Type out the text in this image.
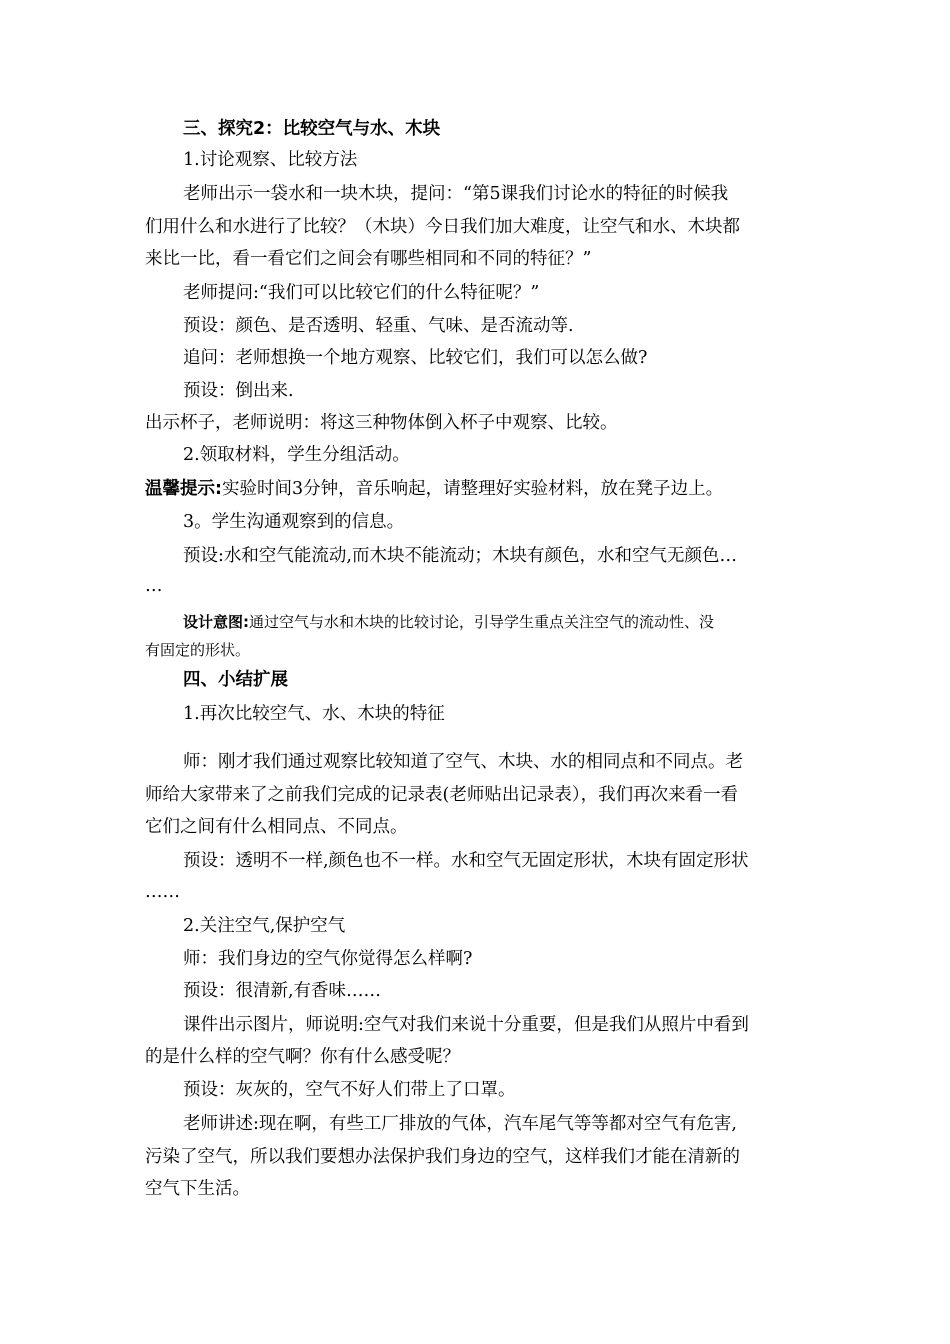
三、探究2：比较空气与水、木块
1.讨论观察、比较方法
老师出示一袋水和一块木块，提问：“第5课我们讨论水的特征的时候我
们用什么和水进行了比较？（木块）今日我们加大难度，让空气和水、木块都
来比一比，看一看它们之间会有哪些相同和不同的特征？”
老师提问:“我们可以比较它们的什么特征呢？”
预设：颜色、是否透明、轻重、气味、是否流动等.
追问：老师想换一个地方观察、比较它们，我们可以怎么做?
预设：倒出来.
出示杯子，老师说明：将这三种物体倒入杯子中观察、比较。
2.领取材料，学生分组活动。
温馨提示:实验时间3分钟，音乐响起，请整理好实验材料，放在凳子边上。
3。学生沟通观察到的信息。
预设:水和空气能流动,而木块不能流动；木块有颜色，水和空气无颜色…
…
设计意图:通过空气与水和木块的比较讨论，引导学生重点关注空气的流动性、没
有固定的形状。
四、小结扩展
1.再次比较空气、水、木块的特征
师：刚才我们通过观察比较知道了空气、木块、水的相同点和不同点。老
师给大家带来了之前我们完成的记录表(老师贴出记录表），我们再次来看一看
它们之间有什么相同点、不同点。
预设：透明不一样,颜色也不一样。水和空气无固定形状，木块有固定形状
……
2.关注空气,保护空气
师：我们身边的空气你觉得怎么样啊?
预设：很清新,有香味……
课件出示图片，师说明:空气对我们来说十分重要，但是我们从照片中看到
的是什么样的空气啊？你有什么感受呢？
预设：灰灰的，空气不好人们带上了口罩。
老师讲述:现在啊，有些工厂排放的气体，汽车尾气等等都对空气有危害,
污染了空气，所以我们要想办法保护我们身边的空气，这样我们才能在清新的
空气下生活。
